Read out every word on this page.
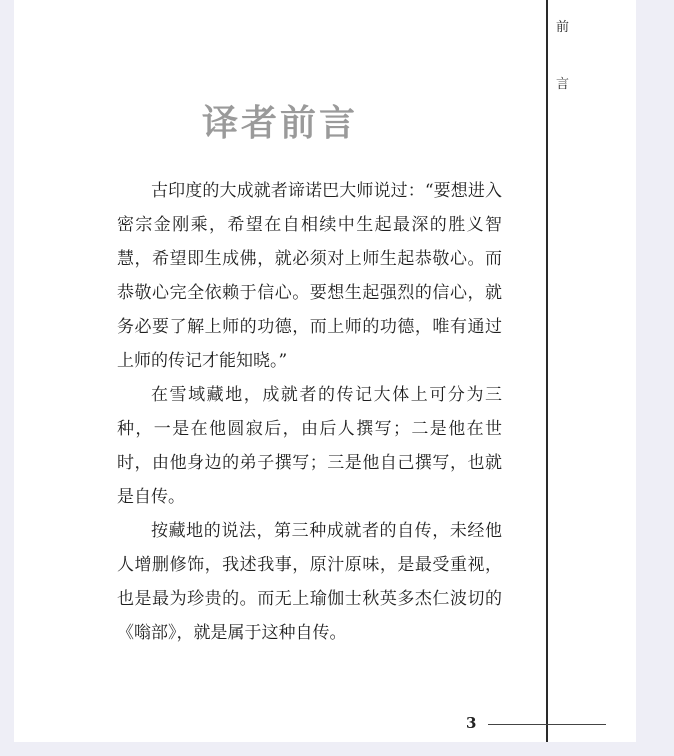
前
言
译者前言

古印度的大成就者谛诺巴大师说过：“要想进入密宗金刚乘，希望在自相续中生起最深的胜义智慧，希望即生成佛，就必须对上师生起恭敬心。而恭敬心完全依赖于信心。要想生起强烈的信心，就务必要了解上师的功德，而上师的功德，唯有通过上师的传记才能知晓。”

在雪域藏地，成就者的传记大体上可分为三种，一是在他圆寂后，由后人撰写；二是他在世时，由他身边的弟子撰写；三是他自己撰写，也就是自传。

按藏地的说法，第三种成就者的自传，未经他人增删修饰，我述我事，原汁原味，是最受重视，也是最为珍贵的。而无上瑜伽士秋英多杰仁波切的《嗡部》，就是属于这种自传。

3
